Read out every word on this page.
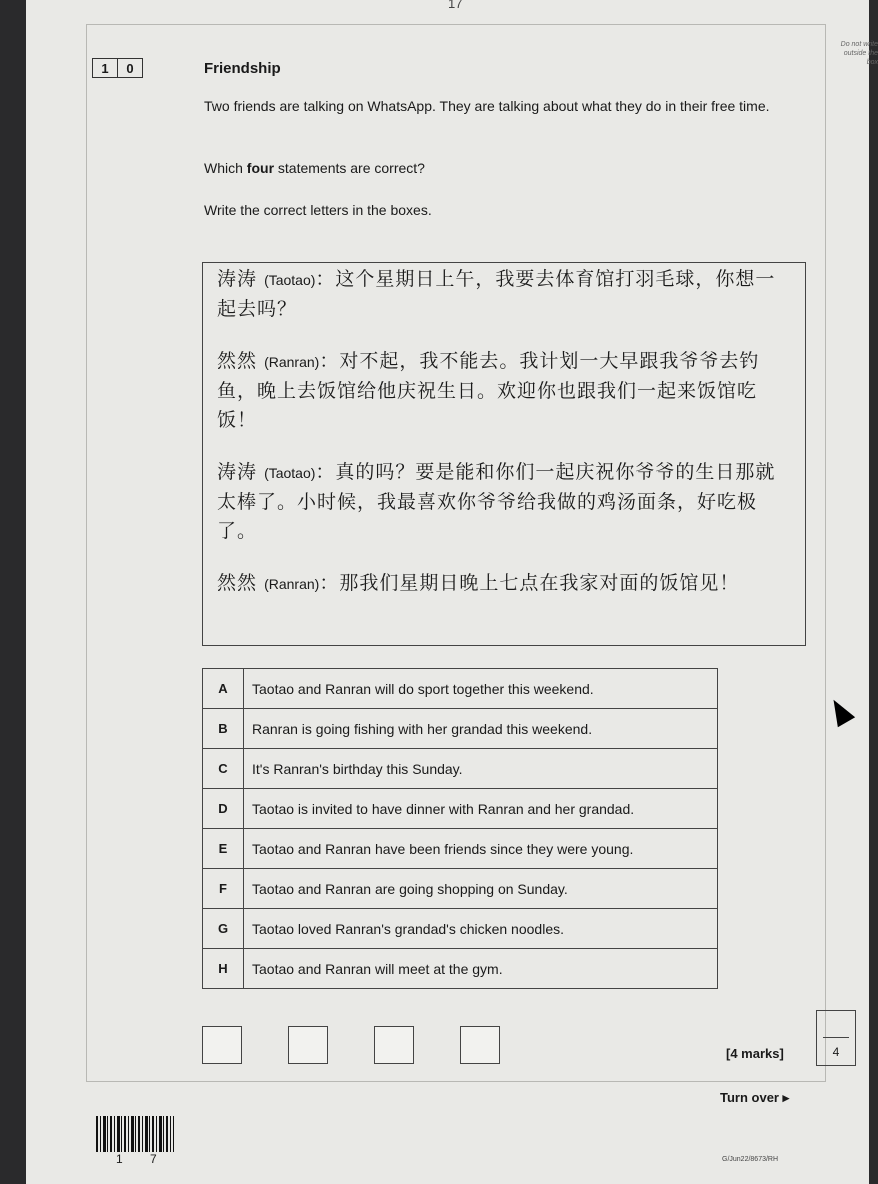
17
Do not write outside the box
1	0	Friendship
Two friends are talking on WhatsApp. They are talking about what they do in their free time.
Which four statements are correct?
Write the correct letters in the boxes.
涛涛 (Taotao)：这个星期日上午，我要去体育馆打羽毛球，你想一起去吗？
然然 (Ranran)：对不起，我不能去。我计划一大早跟我爷爷去钓鱼，晚上去饭馆给他庆祝生日。欢迎你也跟我们一起来饭馆吃饭！
涛涛 (Taotao)：真的吗？要是能和你们一起庆祝你爷爷的生日那就太棒了。小时候，我最喜欢你爷爷给我做的鸡汤面条，好吃极了。
然然 (Ranran)：那我们星期日晚上七点在我家对面的饭馆见！
A	Taotao and Ranran will do sport together this weekend.
B	Ranran is going fishing with her grandad this weekend.
C	It's Ranran's birthday this Sunday.
D	Taotao is invited to have dinner with Ranran and her grandad.
E	Taotao and Ranran have been friends since they were young.
F	Taotao and Ranran are going shopping on Sunday.
G	Taotao loved Ranran's grandad's chicken noodles.
H	Taotao and Ranran will meet at the gym.
[4 marks]	4
Turn over ▸
1 7	G/Jun22/8673/RH
